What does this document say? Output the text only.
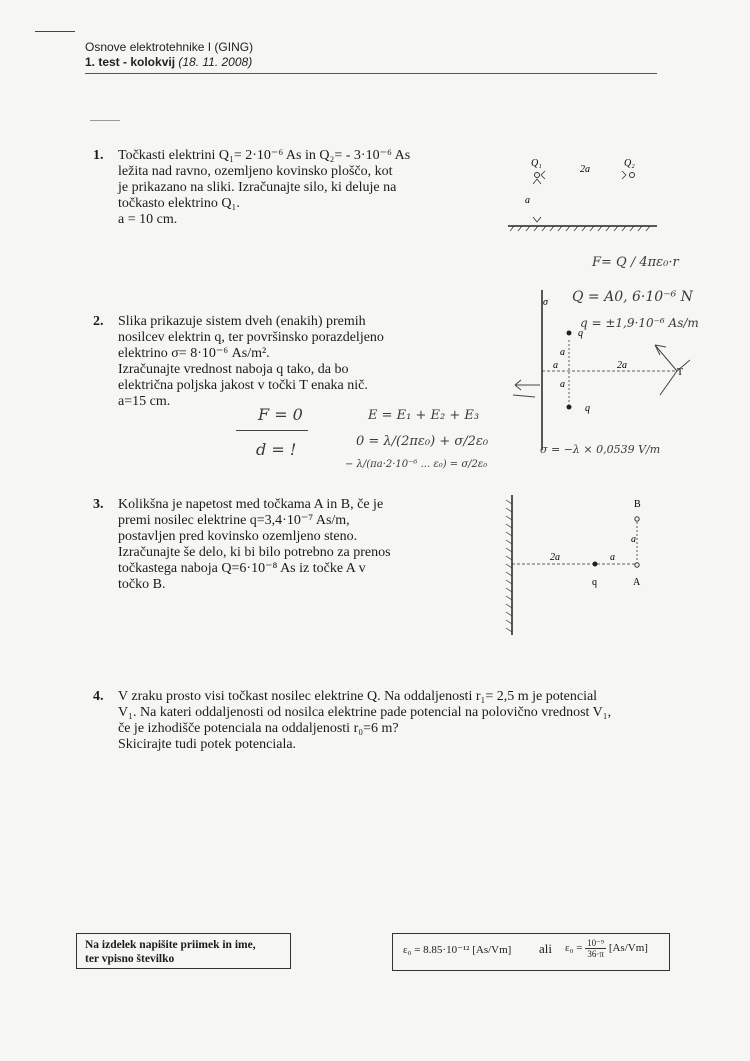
Osnove elektrotehnike I (GING)
1. test - kolokvij (18. 11. 2008)
1. Točkasti elektrini Q₁= 2·10⁻⁶ As in Q₂= - 3·10⁻⁶ As
ležita nad ravno, ozemljeno kovinsko ploščo, kot
je prikazano na sliki. Izračunajte silo, ki deluje na
točkasto elektrino Q₁.
a = 10 cm.
Q₁	Q₂
2a
a
F= Q / 4πε₀·r
2. Slika prikazuje sistem dveh (enakih) premih
nosilcev elektrin q, ter površinsko porazdeljeno
elektrino σ= 8·10⁻⁶ As/m².
Izračunajte vrednost naboja q tako, da bo
električna poljska jakost v točki T enaka nič.
a=15 cm.
σ
q
a
a
a	2a
T
q
Q = A0, 6·10⁻⁶ N
q = ±1,9·10⁻⁶ As/m
F = 0
d = !
E = E₁ + E₂ + E₃
0 = λ/(2πε₀) + σ/2ε₀
− λ/(πa·2·10⁻⁶ ... ε₀) = σ/2ε₀
σ = −λ × 0,0539 V/m
3. Kolikšna je napetost med točkama A in B, če je
premi nosilec elektrine q=3,4·10⁻⁷ As/m,
postavljen pred kovinsko ozemljeno steno.
Izračunajte še delo, ki bi bilo potrebno za prenos
točkastega naboja Q=6·10⁻⁸ As iz točke A v
točko B.
B
a
2a	a
q	A
4. V zraku prosto visi točkast nosilec elektrine Q. Na oddaljenosti r₁= 2,5 m je potencial
V₁. Na kateri oddaljenosti od nosilca elektrine pade potencial na polovično vrednost V₁,
če je izhodišče potenciala na oddaljenosti r₀=6 m?
Skicirajte tudi potek potenciala.
Na izdelek napišite priimek in ime,
ter vpisno številko
ε₀ = 8.85·10⁻¹² [As/Vm] ali $\varepsilon_0 = \frac{\text{10⁻⁹}}{36\cdot\pi} [As/Vm]$
